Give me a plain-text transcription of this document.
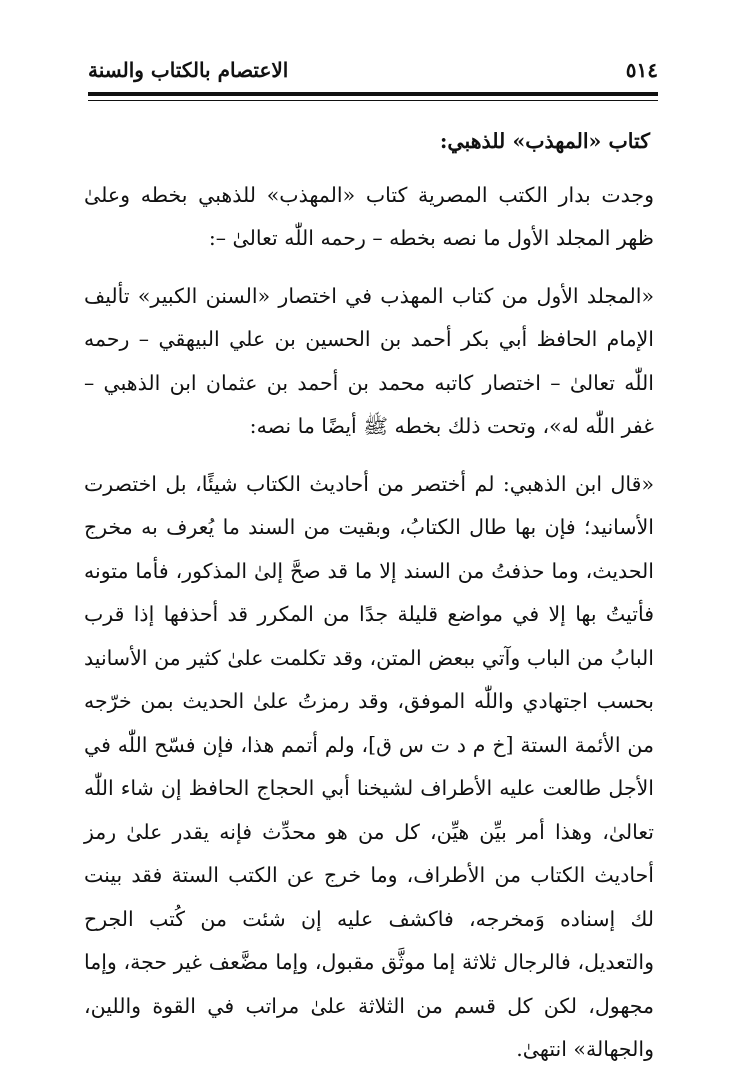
٥١٤
الاعتصام بالكتاب والسنة

كتاب «المهذب» للذهبي:

وجدت بدار الكتب المصرية كتاب «المهذب» للذهبي بخطه وعلىٰ ظهر المجلد الأول ما نصه بخطه – رحمه اللّٰه تعالىٰ –:

«المجلد الأول من كتاب المهذب في اختصار «السنن الكبير» تأليف الإمام الحافظ أبي بكر أحمد بن الحسين بن علي البيهقي – رحمه اللّٰه تعالىٰ – اختصار كاتبه محمد بن أحمد بن عثمان ابن الذهبي – غفر اللّٰه له»، وتحت ذلك بخطه ﷺ أيضًا ما نصه:

«قال ابن الذهبي: لم أختصر من أحاديث الكتاب شيئًا، بل اختصرت الأسانيد؛ فإن بها طال الكتابُ، وبقيت من السند ما يُعرف به مخرج الحديث، وما حذفتُ من السند إلا ما قد صحَّ إلىٰ المذكور، فأما متونه فأتيتُ بها إلا في مواضع قليلة جدًا من المكرر قد أحذفها إذا قرب البابُ من الباب وآتي ببعض المتن، وقد تكلمت علىٰ كثير من الأسانيد بحسب اجتهادي واللّٰه الموفق، وقد رمزتُ علىٰ الحديث بمن خرّجه من الأئمة الستة [خ م د ت س ق]، ولم أتمم هذا، فإن فسّح اللّٰه في الأجل طالعت عليه الأطراف لشيخنا أبي الحجاج الحافظ إن شاء اللّٰه تعالىٰ، وهذا أمر بيِّن هيِّن، كل من هو محدِّث فإنه يقدر علىٰ رمز أحاديث الكتاب من الأطراف، وما خرج عن الكتب الستة فقد بينت لك إسناده وَمخرجه، فاكشف عليه إن شئت من كُتب الجرح والتعديل، فالرجال ثلاثة إما موثَّق مقبول، وإما مضَّعف غير حجة، وإما مجهول، لكن كل قسم من الثلاثة علىٰ مراتب في القوة واللين، والجهالة» انتهىٰ.
